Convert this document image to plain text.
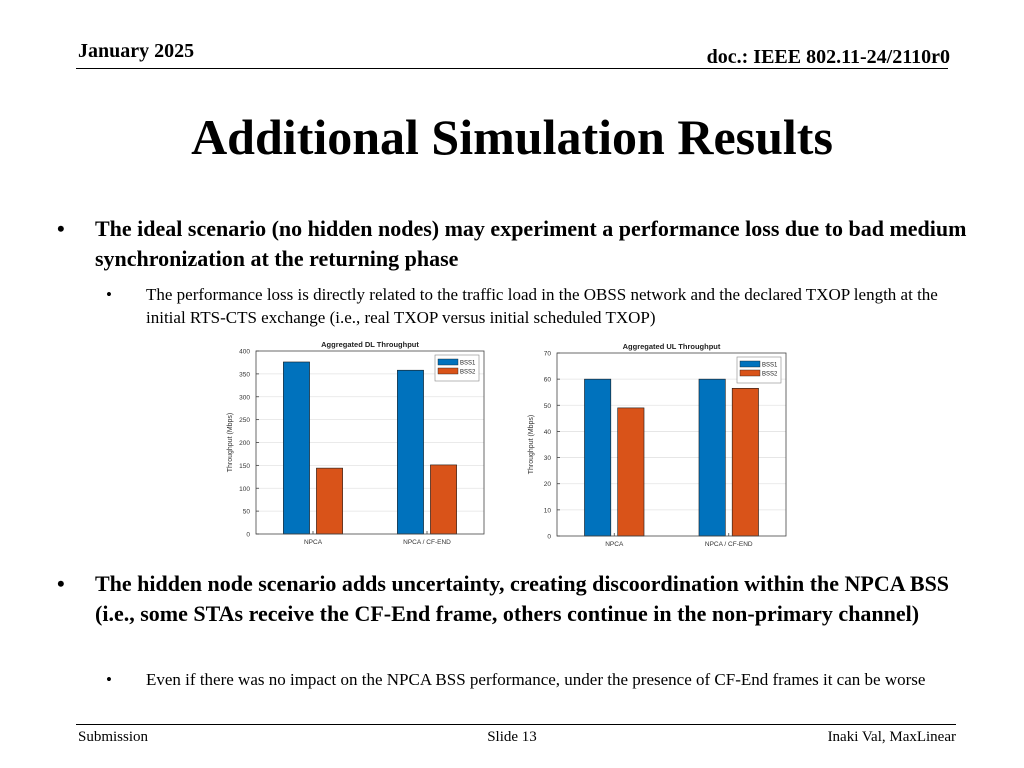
January 2025	doc.: IEEE 802.11-24/2110r0
Additional Simulation Results
• The ideal scenario (no hidden nodes) may experiment a performance loss due to bad medium synchronization at the returning phase
• The performance loss is directly related to the traffic load in the OBSS network and the declared TXOP length at the initial RTS-CTS exchange (i.e., real TXOP versus initial scheduled TXOP)
0
50
100
150
200
250
300
350
400
NPCA	NPCA / CF-END
Aggregated DL Throughput
Throughput (Mbps)
BSS1
BSS2
0
10
20
30
40
50
60
70
NPCA	NPCA / CF-END
Aggregated UL Throughput
Throughput (Mbps)
BSS1
BSS2
• The hidden node scenario adds uncertainty, creating discoordination within the NPCA BSS (i.e., some STAs receive the CF-End frame, others continue in the non-primary channel)
• Even if there was no impact on the NPCA BSS performance, under the presence of CF-End frames it can be worse
Submission	Slide 13	Inaki Val, MaxLinear
